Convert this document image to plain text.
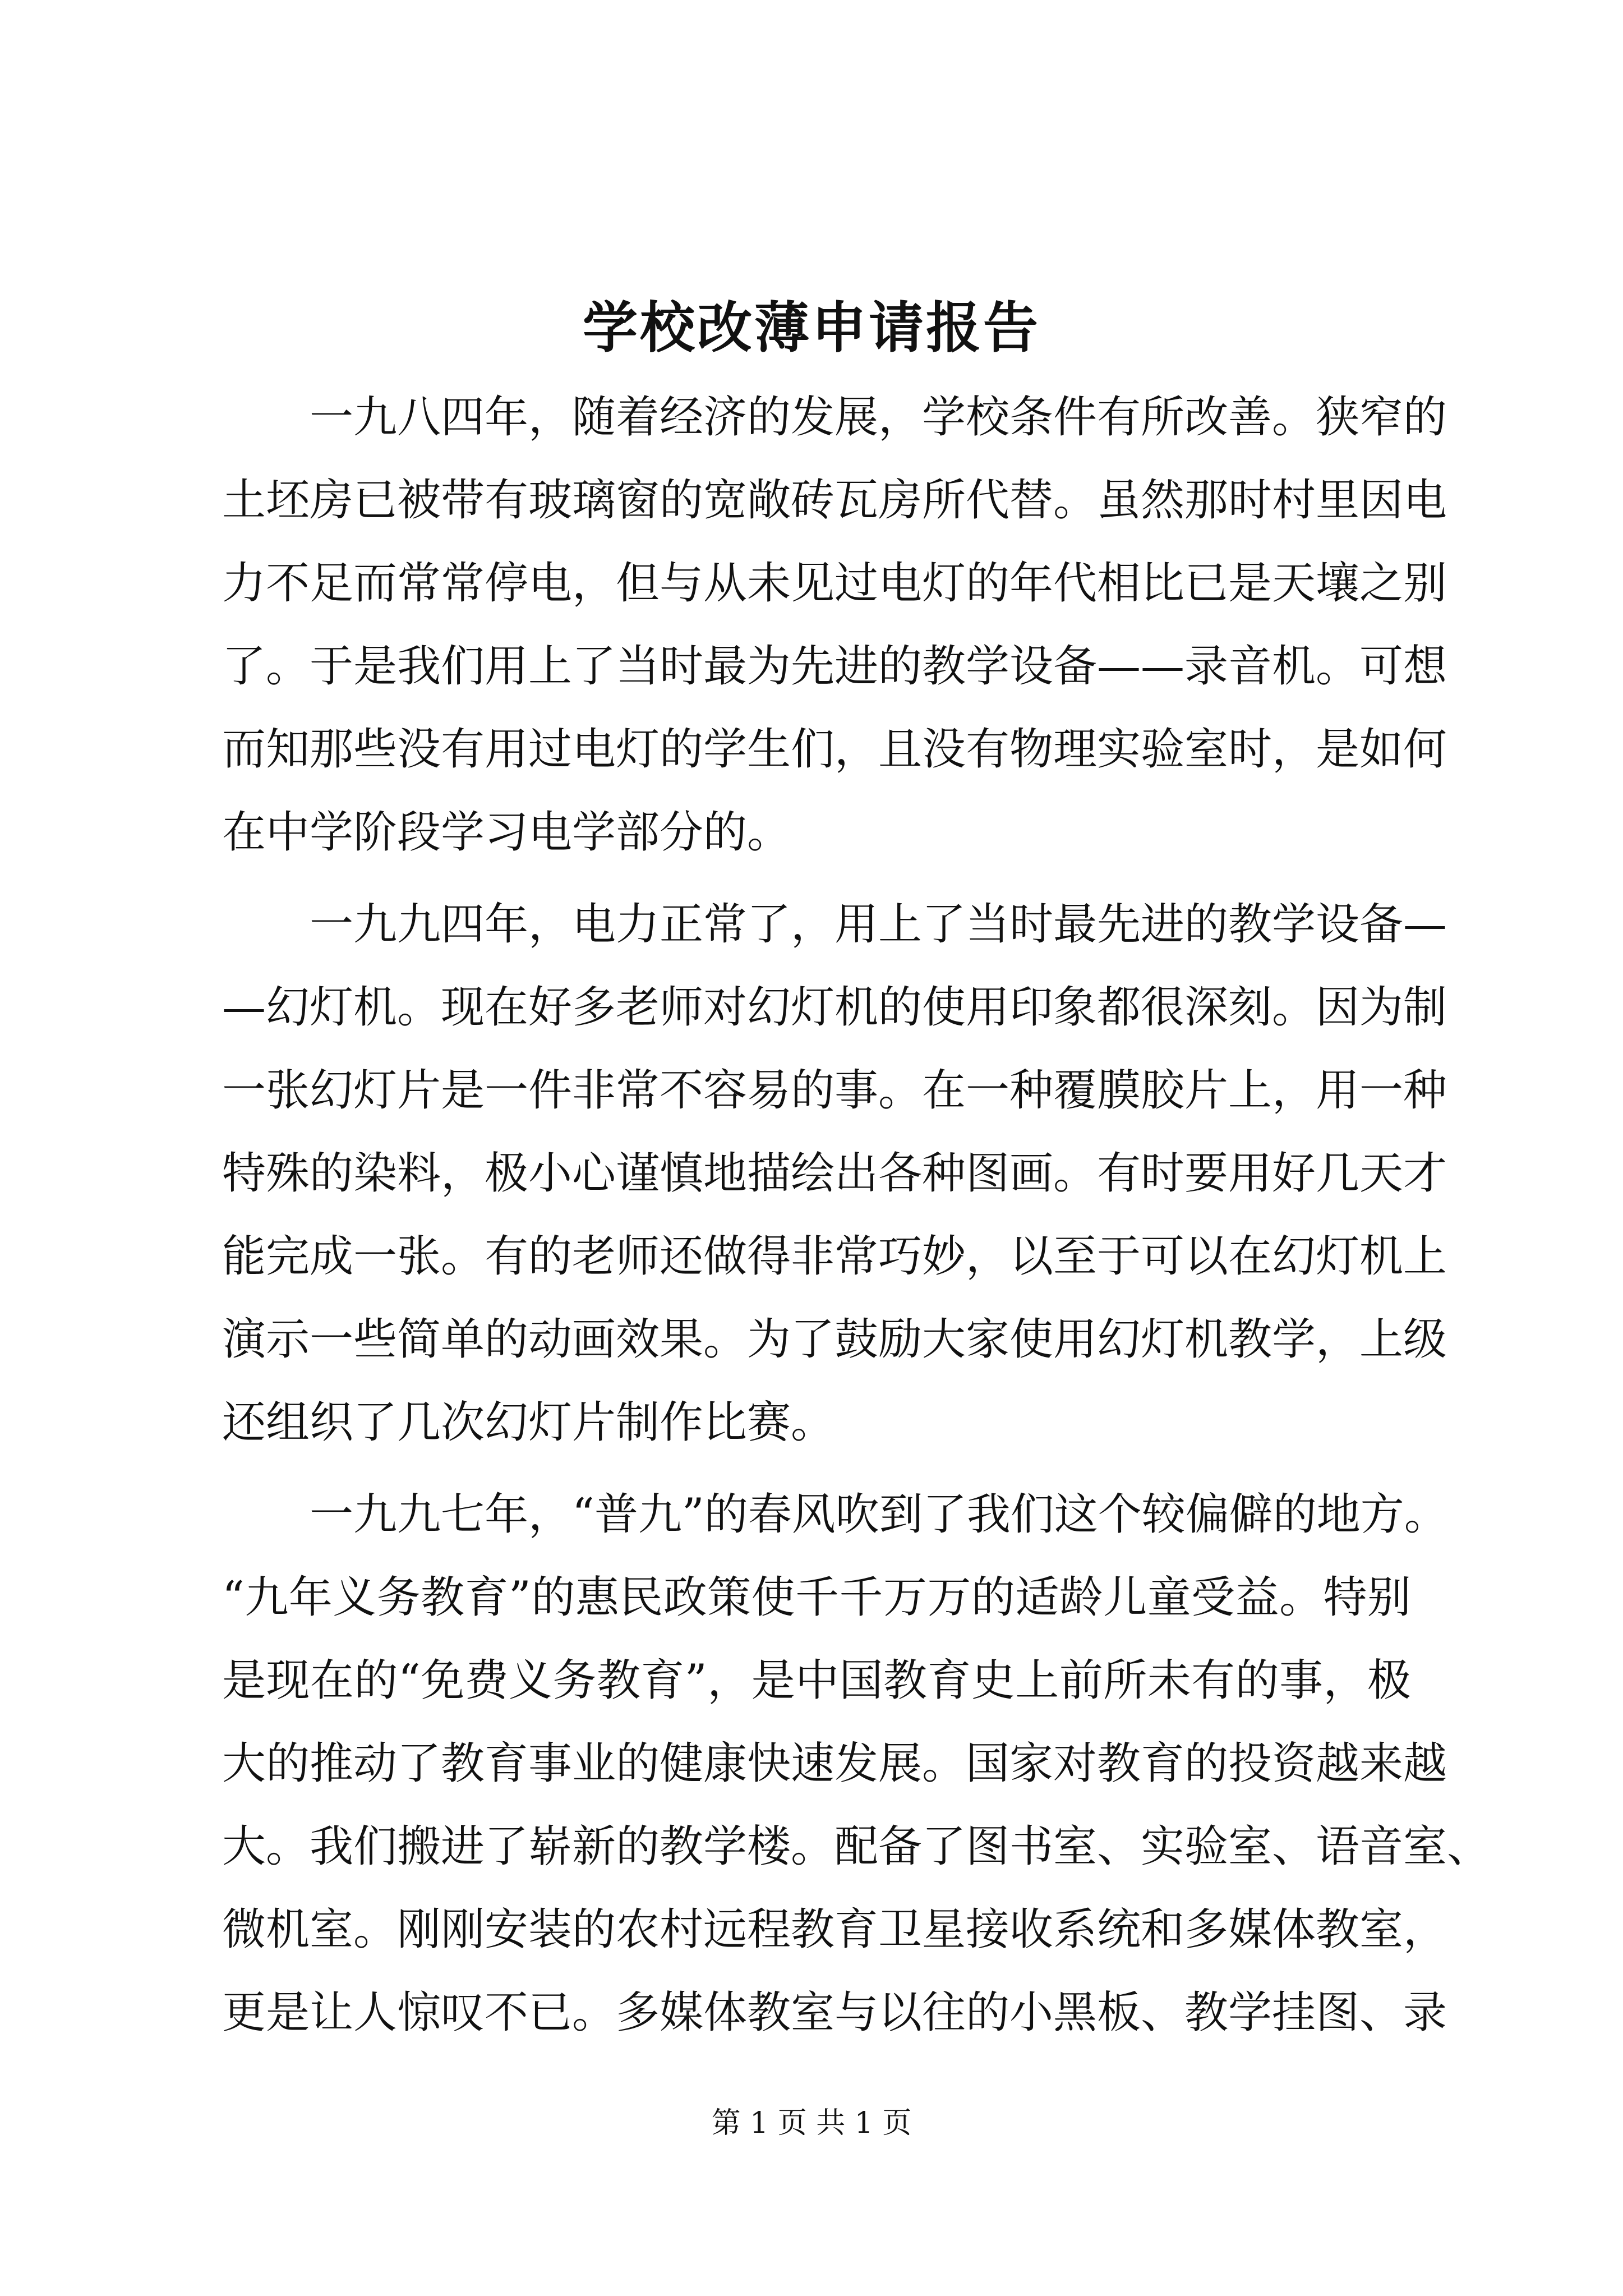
学校改薄申请报告
一九八四年，随着经济的发展，学校条件有所改善。狭窄的
土坯房已被带有玻璃窗的宽敞砖瓦房所代替。虽然那时村里因电
力不足而常常停电，但与从未见过电灯的年代相比已是天壤之别
了。于是我们用上了当时最为先进的教学设备——录音机。可想
而知那些没有用过电灯的学生们，且没有物理实验室时，是如何
在中学阶段学习电学部分的。
一九九四年，电力正常了，用上了当时最先进的教学设备—
—幻灯机。现在好多老师对幻灯机的使用印象都很深刻。因为制
一张幻灯片是一件非常不容易的事。在一种覆膜胶片上，用一种
特殊的染料，极小心谨慎地描绘出各种图画。有时要用好几天才
能完成一张。有的老师还做得非常巧妙，以至于可以在幻灯机上
演示一些简单的动画效果。为了鼓励大家使用幻灯机教学，上级
还组织了几次幻灯片制作比赛。
一九九七年，“普九”的春风吹到了我们这个较偏僻的地方。
“九年义务教育”的惠民政策使千千万万的适龄儿童受益。特别
是现在的“免费义务教育”，是中国教育史上前所未有的事，极
大的推动了教育事业的健康快速发展。国家对教育的投资越来越
大。我们搬进了崭新的教学楼。配备了图书室、实验室、语音室、
微机室。刚刚安装的农村远程教育卫星接收系统和多媒体教室，
更是让人惊叹不已。多媒体教室与以往的小黑板、教学挂图、录
第 1 页 共 1 页
